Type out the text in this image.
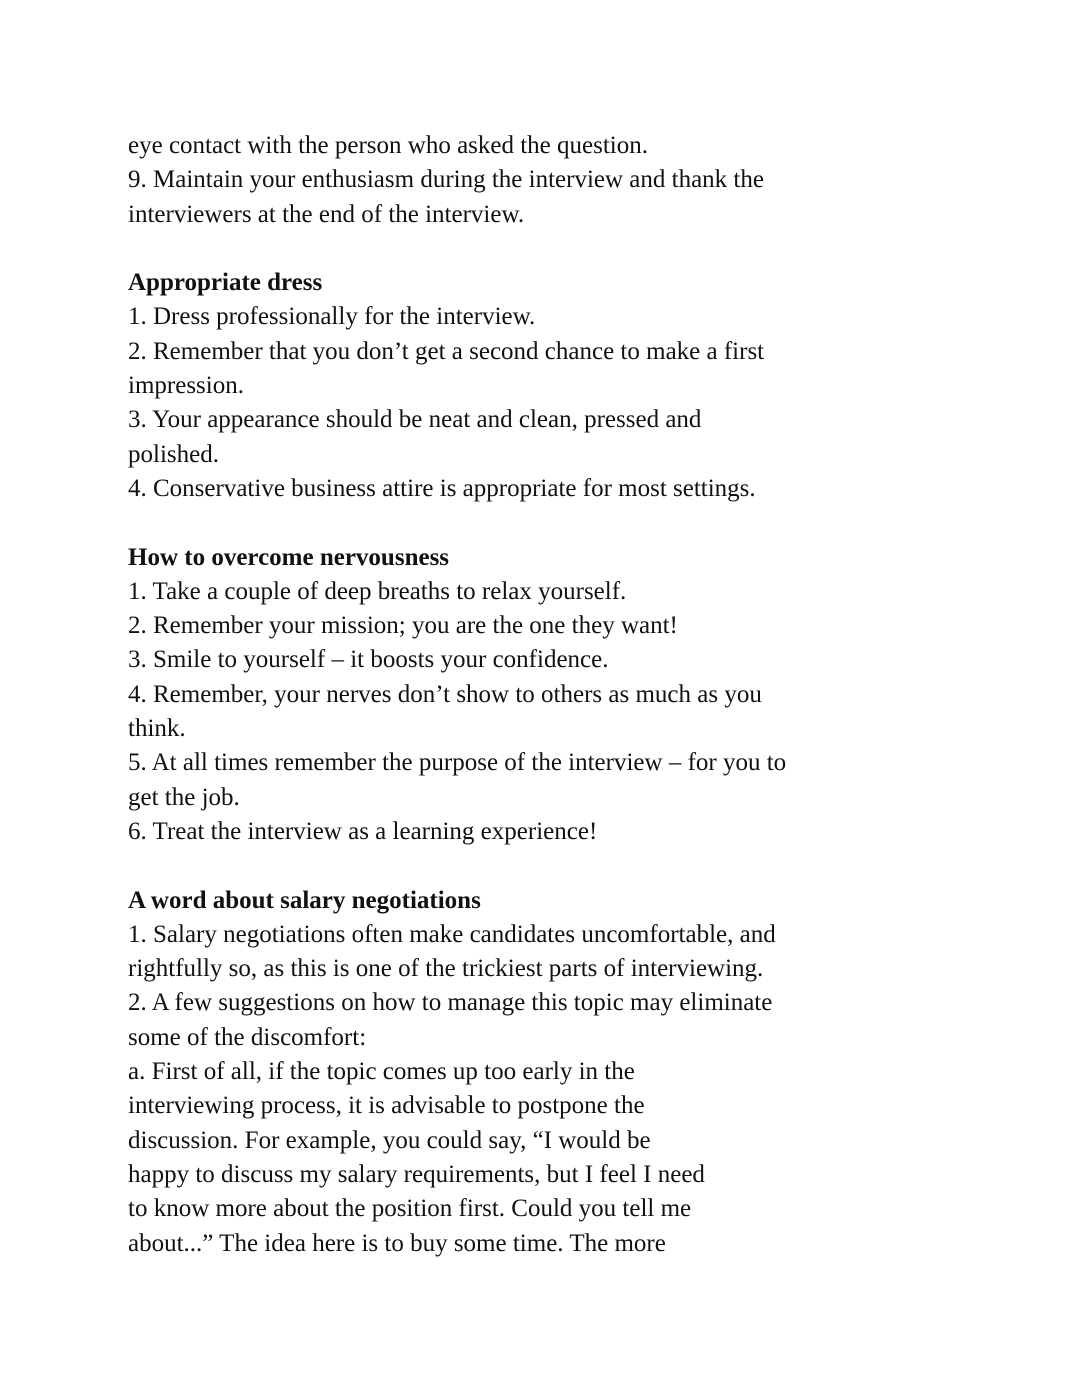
eye contact with the person who asked the question.
9. Maintain your enthusiasm during the interview and thank the
interviewers at the end of the interview.
Appropriate dress
1. Dress professionally for the interview.
2. Remember that you don’t get a second chance to make a first
impression.
3. Your appearance should be neat and clean, pressed and
polished.
4. Conservative business attire is appropriate for most settings.
How to overcome nervousness
1. Take a couple of deep breaths to relax yourself.
2. Remember your mission; you are the one they want!
3. Smile to yourself – it boosts your confidence.
4. Remember, your nerves don’t show to others as much as you
think.
5. At all times remember the purpose of the interview – for you to
get the job.
6. Treat the interview as a learning experience!
A word about salary negotiations
1. Salary negotiations often make candidates uncomfortable, and
rightfully so, as this is one of the trickiest parts of interviewing.
2. A few suggestions on how to manage this topic may eliminate
some of the discomfort:
a. First of all, if the topic comes up too early in the
interviewing process, it is advisable to postpone the
discussion. For example, you could say, “I would be
happy to discuss my salary requirements, but I feel I need
to know more about the position first. Could you tell me
about...” The idea here is to buy some time. The more
